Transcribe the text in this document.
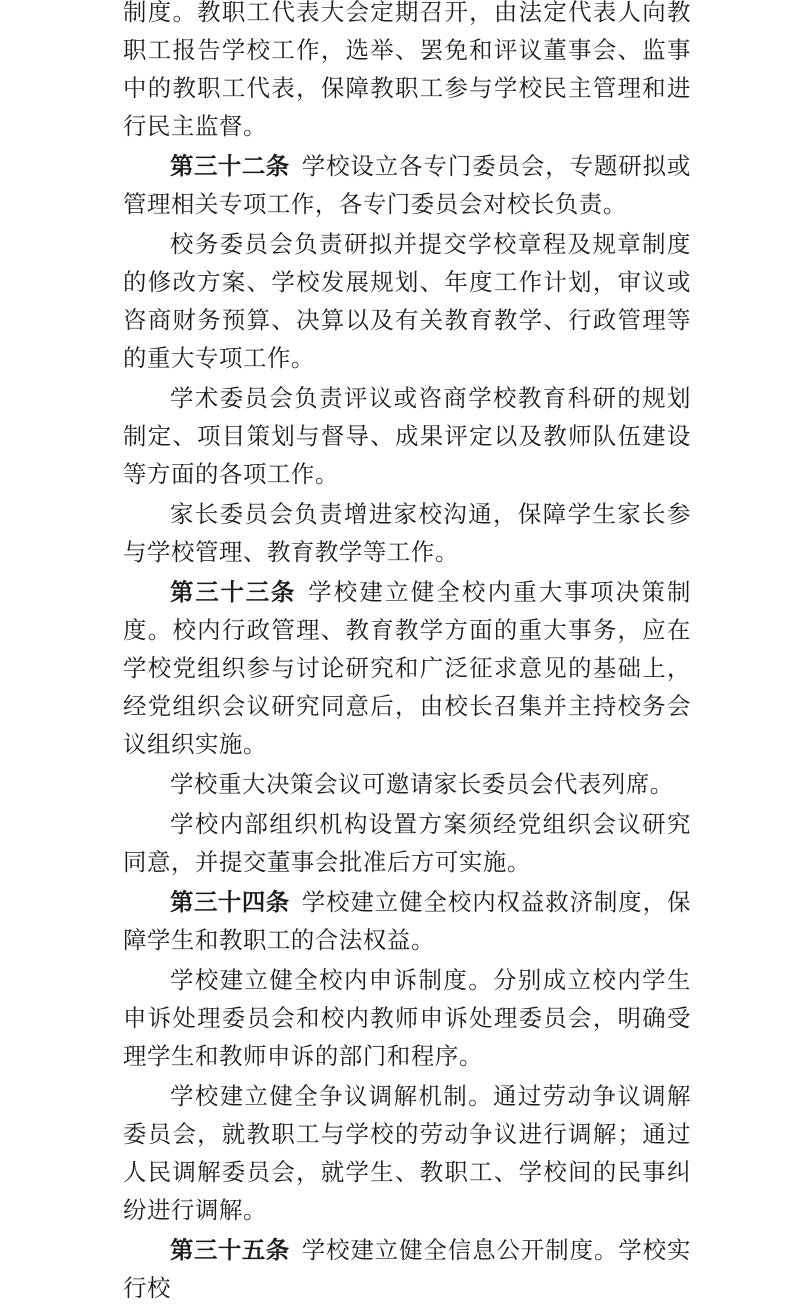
制度。教职工代表大会定期召开，由法定代表人向教职工报告学校工作，选举、罢免和评议董事会、监事中的教职工代表，保障教职工参与学校民主管理和进行民主监督。

第三十二条 学校设立各专门委员会，专题研拟或管理相关专项工作，各专门委员会对校长负责。

校务委员会负责研拟并提交学校章程及规章制度的修改方案、学校发展规划、年度工作计划，审议或咨商财务预算、决算以及有关教育教学、行政管理等的重大专项工作。

学术委员会负责评议或咨商学校教育科研的规划制定、项目策划与督导、成果评定以及教师队伍建设等方面的各项工作。

家长委员会负责增进家校沟通，保障学生家长参与学校管理、教育教学等工作。

第三十三条 学校建立健全校内重大事项决策制度。校内行政管理、教育教学方面的重大事务，应在学校党组织参与讨论研究和广泛征求意见的基础上，经党组织会议研究同意后，由校长召集并主持校务会议组织实施。

学校重大决策会议可邀请家长委员会代表列席。

学校内部组织机构设置方案须经党组织会议研究同意，并提交董事会批准后方可实施。

第三十四条 学校建立健全校内权益救济制度，保障学生和教职工的合法权益。

学校建立健全校内申诉制度。分别成立校内学生申诉处理委员会和校内教师申诉处理委员会，明确受理学生和教师申诉的部门和程序。

学校建立健全争议调解机制。通过劳动争议调解委员会，就教职工与学校的劳动争议进行调解；通过人民调解委员会，就学生、教职工、学校间的民事纠纷进行调解。

第三十五条 学校建立健全信息公开制度。学校实行校
